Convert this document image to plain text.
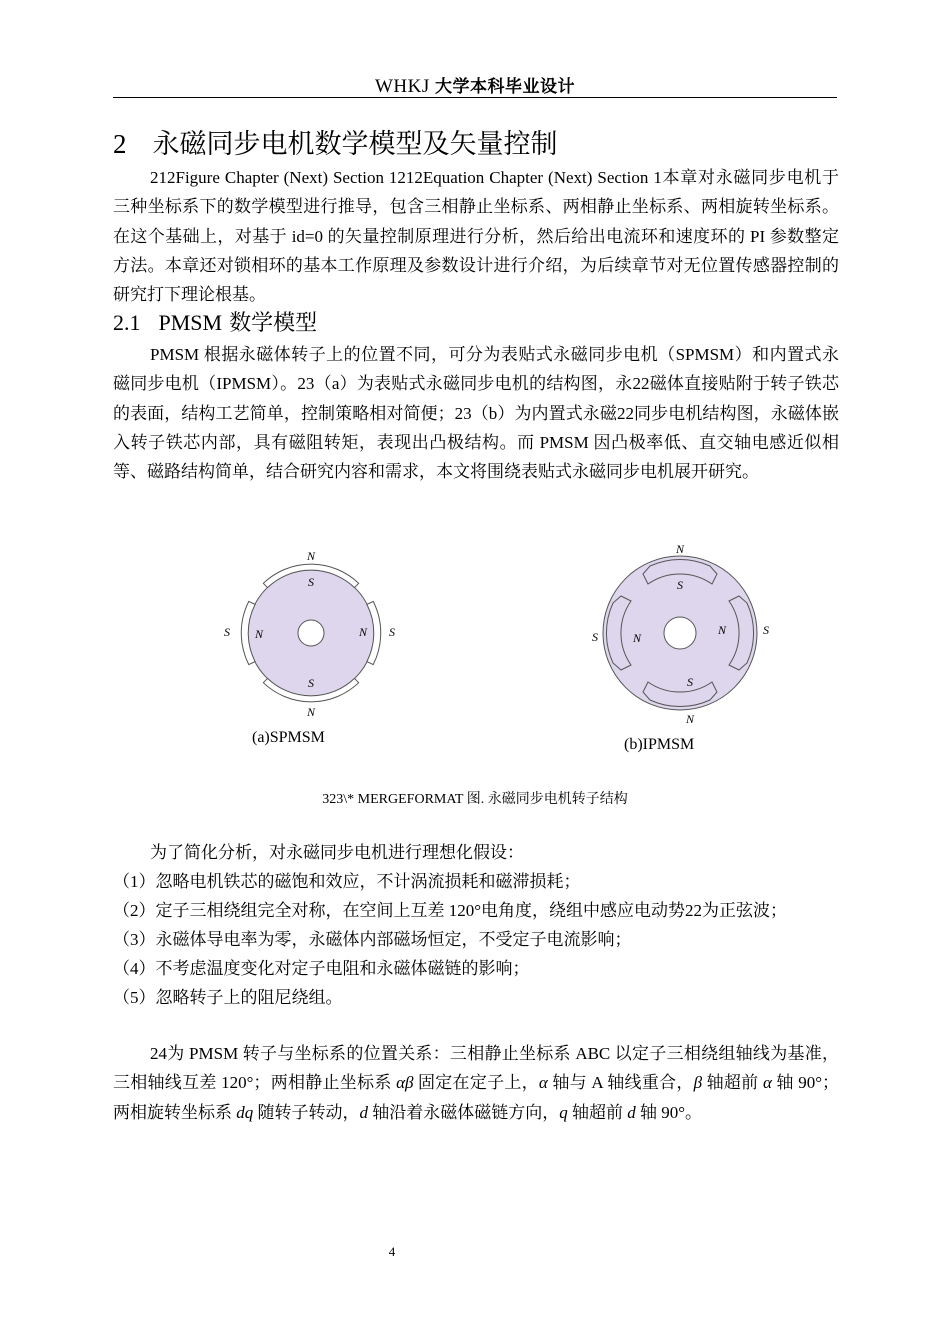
WHKJ 大学本科毕业设计
2 永磁同步电机数学模型及矢量控制
212Figure Chapter (Next) Section 1212Equation Chapter (Next) Section 1本章对永磁同步电机于三种坐标系下的数学模型进行推导，包含三相静止坐标系、两相静止坐标系、两相旋转坐标系。在这个基础上，对基于 id=0 的矢量控制原理进行分析，然后给出电流环和速度环的 PI 参数整定方法。本章还对锁相环的基本工作原理及参数设计进行介绍，为后续章节对无位置传感器控制的研究打下理论根基。
2.1 PMSM 数学模型
PMSM 根据永磁体转子上的位置不同，可分为表贴式永磁同步电机（SPMSM）和内置式永磁同步电机（IPMSM）。23（a）为表贴式永磁同步电机的结构图，永22磁体直接贴附于转子铁芯的表面，结构工艺简单，控制策略相对简便；23（b）为内置式永磁22同步电机结构图，永磁体嵌入转子铁芯内部，具有磁阻转矩，表现出凸极结构。而 PMSM 因凸极率低、直交轴电感近似相等、磁路结构简单，结合研究内容和需求，本文将围绕表贴式永磁同步电机展开研究。
N
S
S N	N S
S
N
(a)SPMSM
N
S
S	N
N	S
S
N
(b)IPMSM
323\* MERGEFORMAT 图. 永磁同步电机转子结构
为了简化分析，对永磁同步电机进行理想化假设：
（1）忽略电机铁芯的磁饱和效应，不计涡流损耗和磁滞损耗；
（2）定子三相绕组完全对称，在空间上互差 120°电角度，绕组中感应电动势22为正弦波；
（3）永磁体导电率为零，永磁体内部磁场恒定，不受定子电流影响；
（4）不考虑温度变化对定子电阻和永磁体磁链的影响；
（5）忽略转子上的阻尼绕组。
24为 PMSM 转子与坐标系的位置关系：三相静止坐标系 ABC 以定子三相绕组轴线为基准，三相轴线互差 120°；两相静止坐标系 αβ 固定在定子上，α 轴与 A 轴线重合，β 轴超前 α 轴 90°；两相旋转坐标系 dq 随转子转动，d 轴沿着永磁体磁链方向，q 轴超前 d 轴 90°。
4
